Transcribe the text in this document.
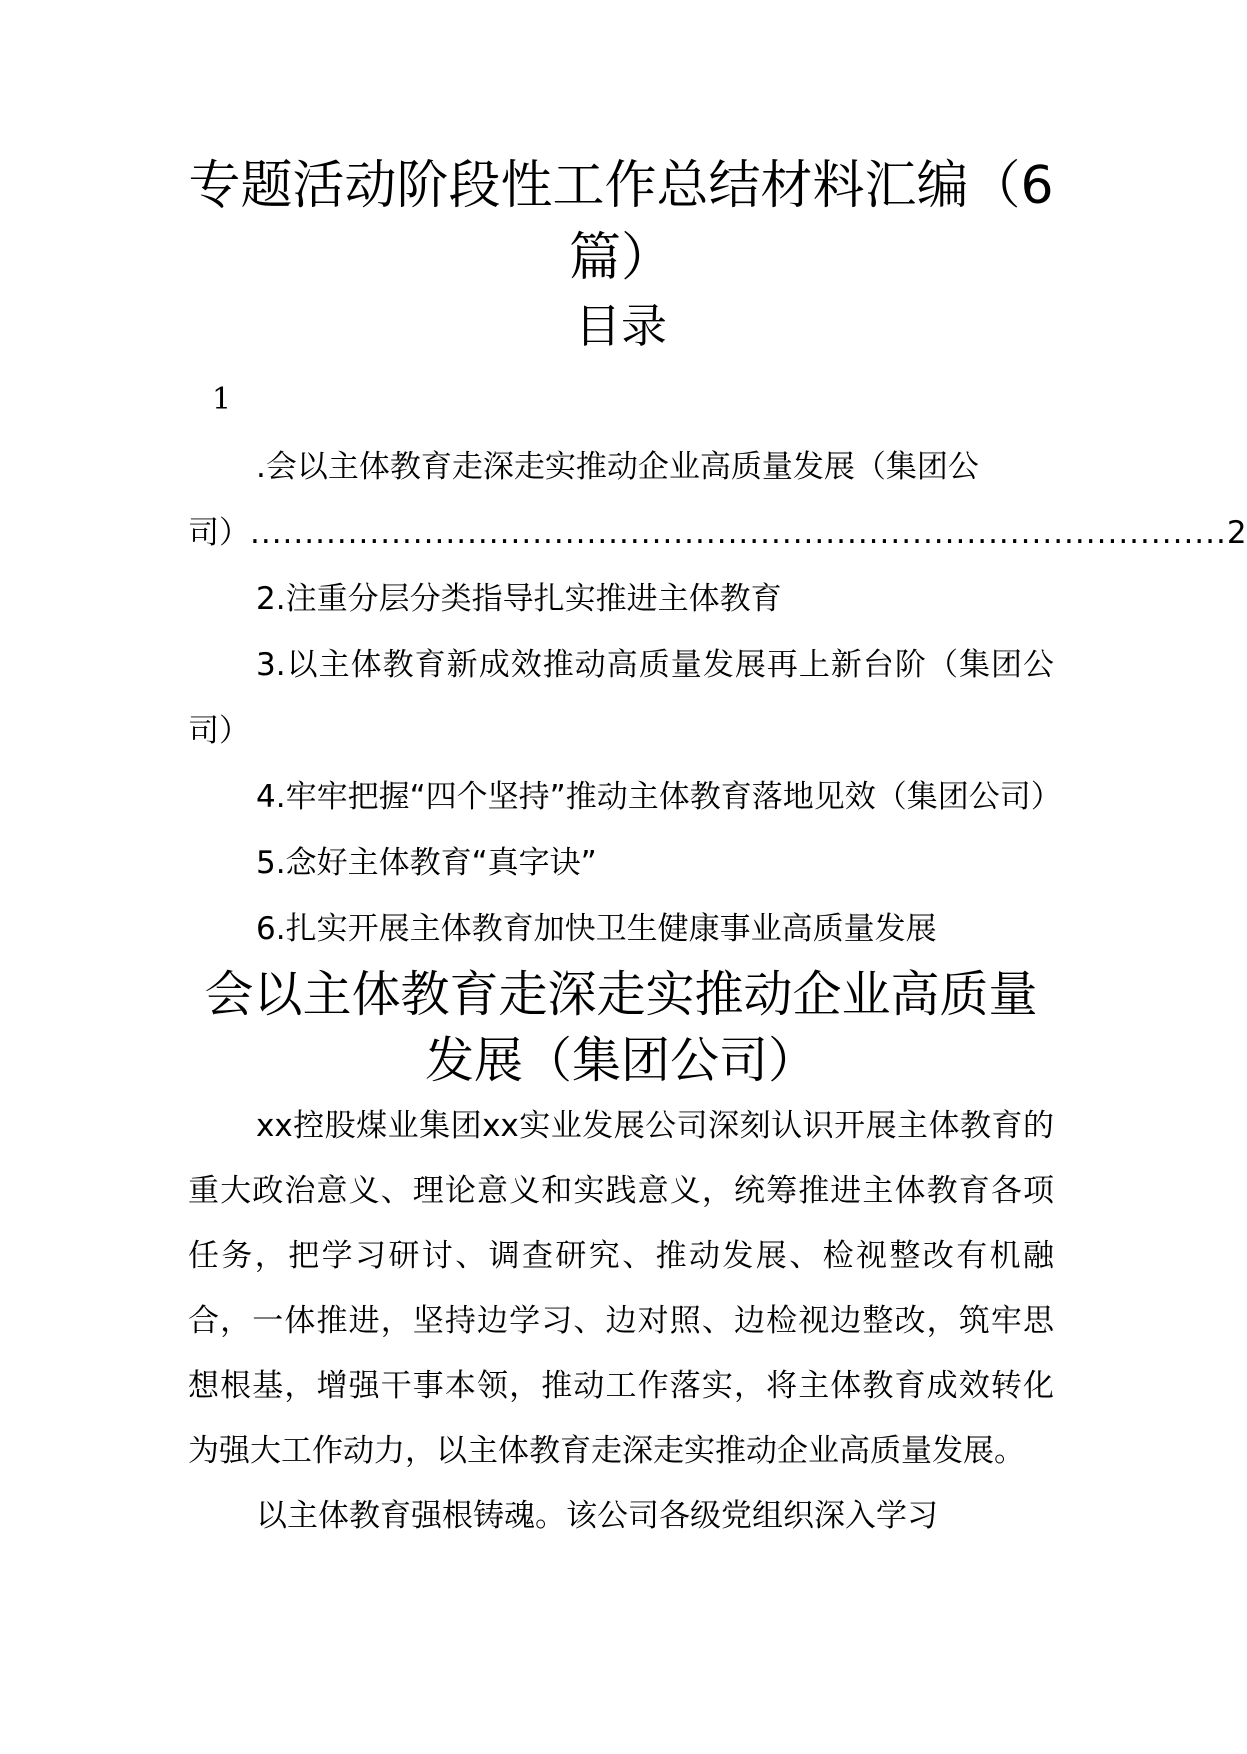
专题活动阶段性工作总结材料汇编（6篇）
目录
1

.会以主体教育走深走实推动企业高质量发展（集团公

司） .......................................................................................... 2

2.注重分层分类指导扎实推进主体教育

3.以主体教育新成效推动高质量发展再上新台阶（集团公司）

4.牢牢把握“四个坚持”推动主体教育落地见效（集团公司）

5.念好主体教育“真字诀”

6.扎实开展主体教育加快卫生健康事业高质量发展

会以主体教育走深走实推动企业高质量发展（集团公司）

xx控股煤业集团xx实业发展公司深刻认识开展主体教育的重大政治意义、理论意义和实践意义，统筹推进主体教育各项任务，把学习研讨、调查研究、推动发展、检视整改有机融合，一体推进，坚持边学习、边对照、边检视边整改，筑牢思想根基，增强干事本领，推动工作落实，将主体教育成效转化为强大工作动力，以主体教育走深走实推动企业高质量发展。

以主体教育强根铸魂。该公司各级党组织深入学习
